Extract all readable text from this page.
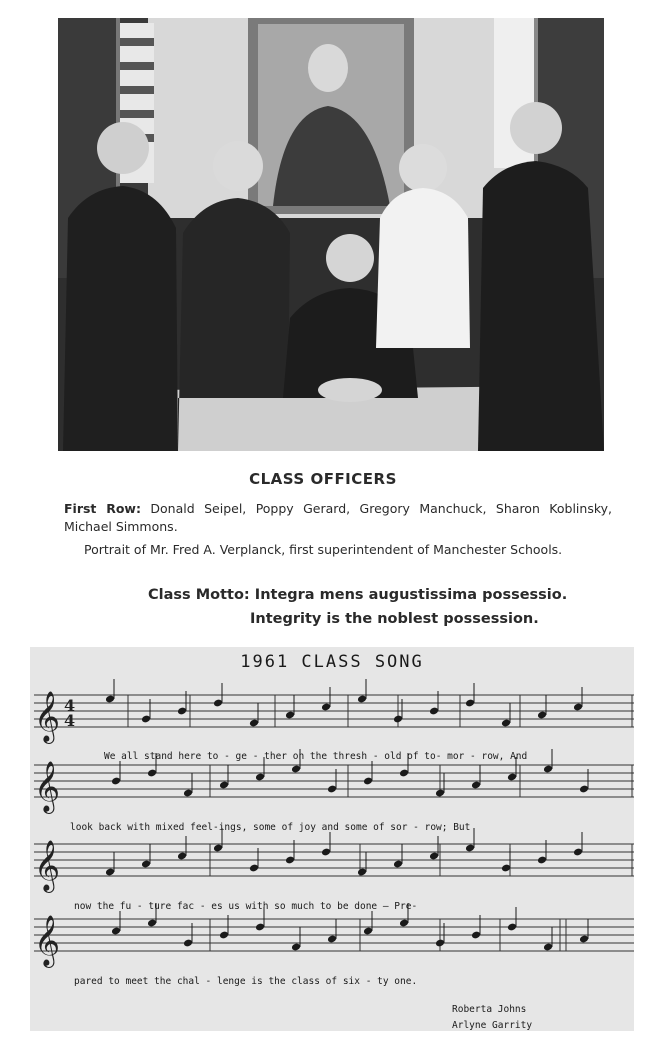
CLASS OFFICERS
First Row: Donald Seipel, Poppy Gerard, Gregory Manchuck, Sharon Koblinsky, Michael Simmons.
Portrait of Mr. Fred A. Verplanck, first superintendent of Manchester Schools.
Class Motto: Integra mens augustissima possessio.
Integrity is the noblest possession.
1961 CLASS SONG
𝄞
𝄞
𝄞
𝄞
4
4
We all stand here to - ge - ther on the thresh - old of to- mor - row, And
look back with mixed feel-ings, some of joy and some of sor - row; But
now the fu - ture fac - es us with so much to be done — Pre-
pared to meet the chal - lenge is the class of six - ty one.
Roberta Johns
Arlyne Garrity
